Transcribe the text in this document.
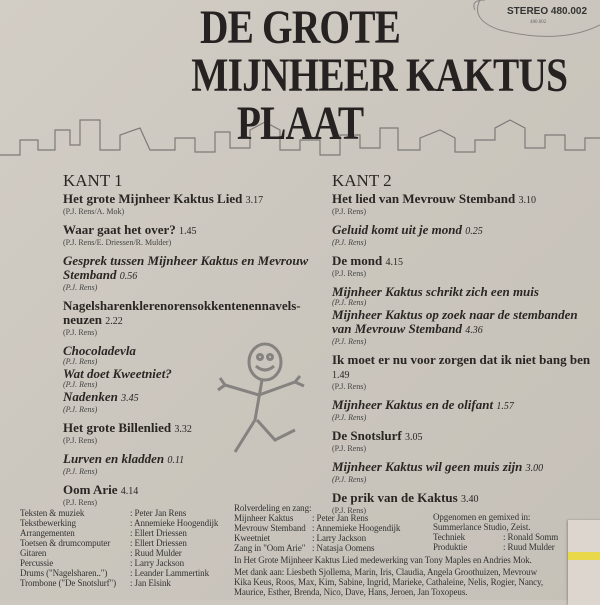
STEREO 480.002
480.002
DE GROTE
MIJNHEER KAKTUS
PLAAT
KANT 1
Het grote Mijnheer Kaktus Lied 3.17
(P.J. Rens/A. Mok)
Waar gaat het over? 1.45
(P.J. Rens/E. Driessen/R. Mulder)
Gesprek tussen Mijnheer Kaktus en Mevrouw Stemband 0.56
(P.J. Rens)
Nagelsharenklerenorensokkentenennavels-neuzen 2.22
(P.J. Rens)
Chocoladevla
(P.J. Rens)
Wat doet Kweetniet?
(P.J. Rens)
Nadenken 3.45
(P.J. Rens)
Het grote Billenlied 3.32
(P.J. Rens)
Lurven en kladden 0.11
(P.J. Rens)
Oom Arie 4.14
(P.J. Rens)
KANT 2
Het lied van Mevrouw Stemband 3.10
(P.J. Rens)
Geluid komt uit je mond 0.25
(P.J. Rens)
De mond 4.15
(P.J. Rens)
Mijnheer Kaktus schrikt zich een muis
(P.J. Rens)
Mijnheer Kaktus op zoek naar de stembanden van Mevrouw Stemband 4.36
(P.J. Rens)
Ik moet er nu voor zorgen dat ik niet bang ben 1.49
(P.J. Rens)
Mijnheer Kaktus en de olifant 1.57
(P.J. Rens)
De Snotslurf 3.05
(P.J. Rens)
Mijnheer Kaktus wil geen muis zijn 3.00
(P.J. Rens)
De prik van de Kaktus 3.40
(P.J. Rens)
Teksten & muziek	: Peter Jan Rens
Tekstbewerking	: Annemieke Hoogendijk
Arrangementen	: Ellert Driessen
Toetsen & drumcomputer	: Ellert Driessen
Gitaren	: Ruud Mulder
Percussie	: Larry Jackson
Drums ("Nagelsharen..")	: Leander Lammertink
Trombone ("De Snotslurf")	: Jan Elsink
Rolverdeling en zang:
Mijnheer Kaktus	: Peter Jan Rens
Mevrouw Stemband : Annemieke Hoogendijk
Kweetniet	: Larry Jackson
Zang in "Oom Arie" : Natasja Oomens
Opgenomen en gemixed in:
Summerlance Studio, Zeist.
Techniek	: Ronald Somm
Produktie	: Ruud Mulder
In Het Grote Mijnheer Kaktus Lied medewerking van Tony Maples en Andries Mok.
Met dank aan: Liesbeth Sjollema, Marin, Iris, Claudia, Angela Groothuizen, Mevrouw
Kika Keus, Roos, Max, Kim, Sabine, Ingrid, Marieke, Cathaleine, Nelis, Rogier, Nancy,
Maurice, Esther, Brenda, Nico, Dave, Hans, Jeroen, Jan Toxopeus.
